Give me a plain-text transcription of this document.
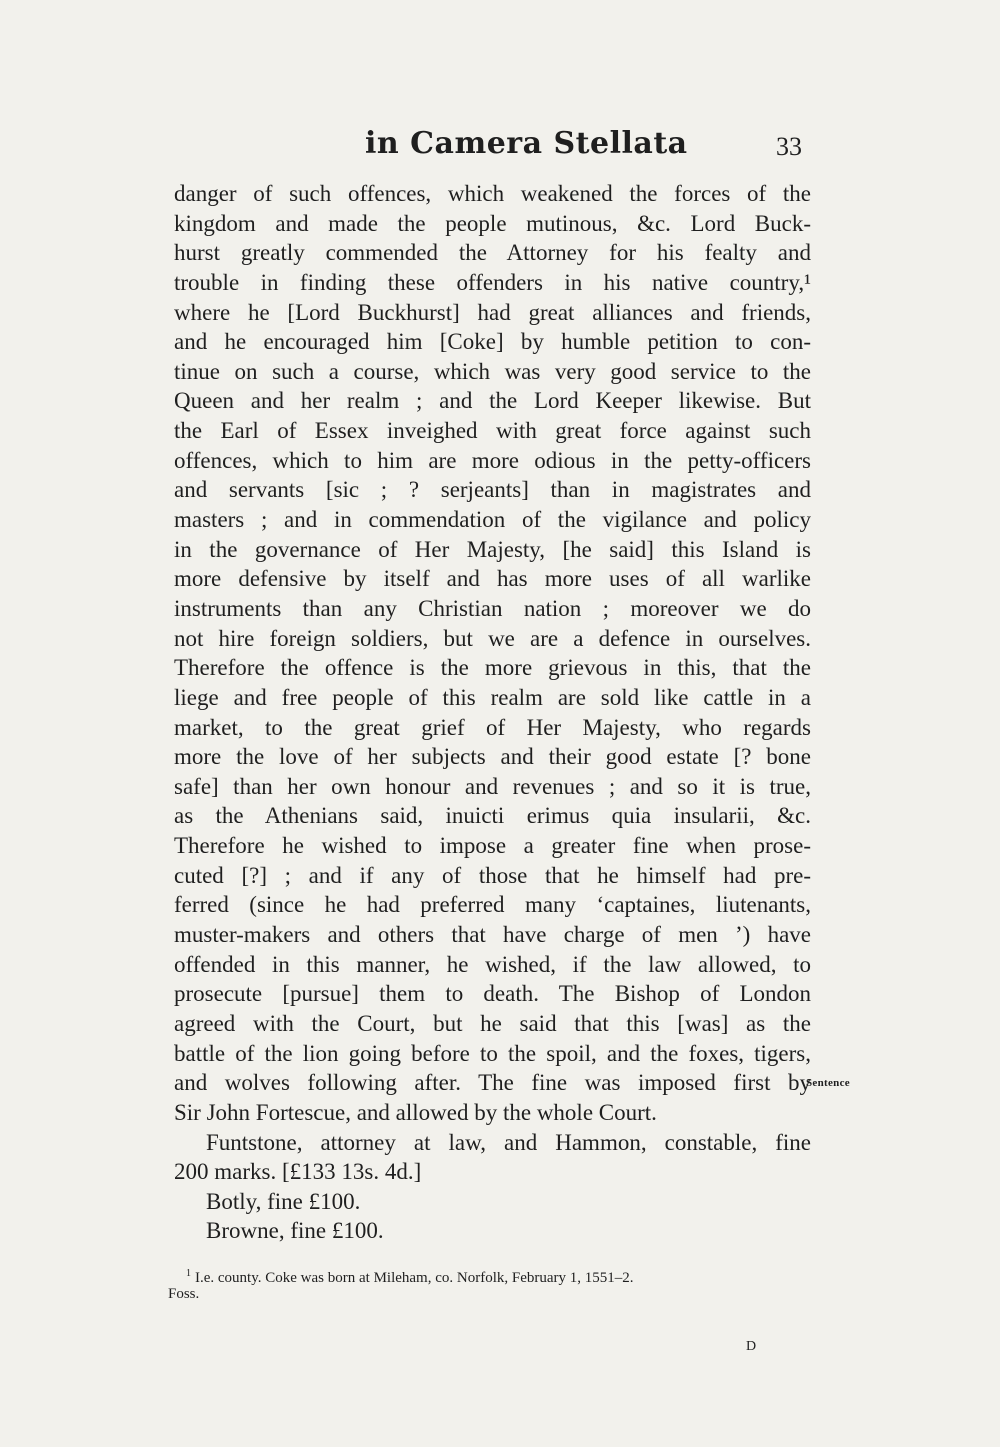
in Camera Stellata	33
danger of such offences, which weakened the forces of the
kingdom and made the people mutinous, &c. Lord Buck-
hurst greatly commended the Attorney for his fealty and
trouble in finding these offenders in his native country,¹
where he [Lord Buckhurst] had great alliances and friends,
and he encouraged him [Coke] by humble petition to con-
tinue on such a course, which was very good service to the
Queen and her realm ; and the Lord Keeper likewise. But
the Earl of Essex inveighed with great force against such
offences, which to him are more odious in the petty-officers
and servants [sic ; ? serjeants] than in magistrates and
masters ; and in commendation of the vigilance and policy
in the governance of Her Majesty, [he said] this Island is
more defensive by itself and has more uses of all warlike
instruments than any Christian nation ; moreover we do
not hire foreign soldiers, but we are a defence in ourselves.
Therefore the offence is the more grievous in this, that the
liege and free people of this realm are sold like cattle in a
market, to the great grief of Her Majesty, who regards
more the love of her subjects and their good estate [? bone
safe] than her own honour and revenues ; and so it is true,
as the Athenians said, inuicti erimus quia insularii, &c.
Therefore he wished to impose a greater fine when prose-
cuted [?] ; and if any of those that he himself had pre-
ferred (since he had preferred many ‘captaines, liutenants,
muster-makers and others that have charge of men ’) have
offended in this manner, he wished, if the law allowed, to
prosecute [pursue] them to death. The Bishop of London
agreed with the Court, but he said that this [was] as the
battle of the lion going before to the spoil, and the foxes, tigers,
and wolves following after. The fine was imposed first by
Sir John Fortescue, and allowed by the whole Court.
Funtstone, attorney at law, and Hammon, constable, fine
200 marks. [£133 13s. 4d.]
Botly, fine £100.
Browne, fine £100.
Sentence
$^1$ I.e. county. Coke was born at Mileham, co. Norfolk, February 1, 1551–2.
Foss.
D
